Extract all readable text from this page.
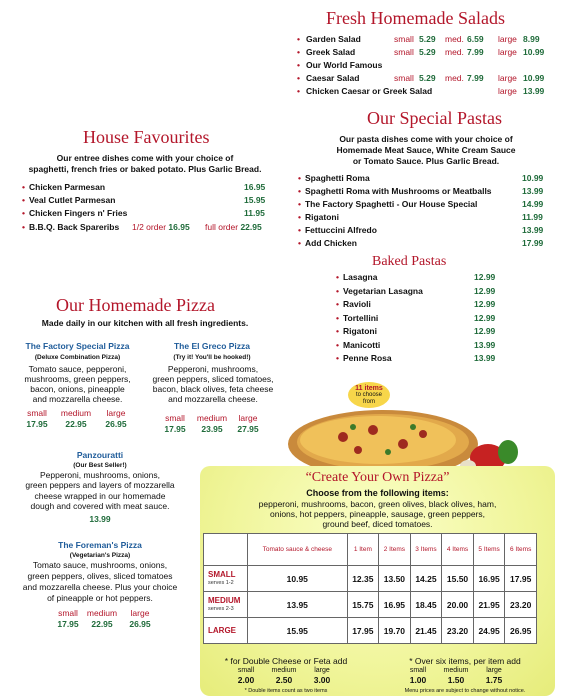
Fresh Homemade Salads
• Garden Salad	small 5.29 med. 6.59 large 8.99
• Greek Salad	small 5.29 med. 7.99 large 10.99
• Our World Famous
• Caesar Salad	small 5.29 med. 7.99 large 10.99
• Chicken Caesar or Greek Salad	large 13.99
Our Special Pastas
Our pasta dishes come with your choice of
Homemade Meat Sauce, White Cream Sauce
or Tomato Sauce. Plus Garlic Bread.
• Spaghetti Roma	10.99
• Spaghetti Roma with Mushrooms or Meatballs	13.99
• The Factory Spaghetti - Our House Special	14.99
• Rigatoni	11.99
• Fettuccini Alfredo	13.99
• Add Chicken	17.99
Baked Pastas
• Lasagna	12.99
• Vegetarian Lasagna	12.99
• Ravioli	12.99
• Tortellini	12.99
• Rigatoni	12.99
• Manicotti	13.99
• Penne Rosa	13.99
House Favourites
Our entree dishes come with your choice of
spaghetti, french fries or baked potato. Plus Garlic Bread.
• Chicken Parmesan	16.95
• Veal Cutlet Parmesan	15.95
• Chicken Fingers n' Fries	11.95
• B.B.Q. Back Spareribs 1/2 order 16.95 full order 22.95
Our Homemade Pizza
Made daily in our kitchen with all fresh ingredients.
The Factory Special Pizza
(Deluxe Combination Pizza)
Tomato sauce, pepperoni,
mushrooms, green peppers,
bacon, onions, pineapple
and mozzarella cheese.
small	medium	large
17.95	22.95	26.95
The El Greco Pizza
(Try it! You'll be hooked!)
Pepperoni, mushrooms,
green peppers, sliced tomatoes,
bacon, black olives, feta cheese
and mozzarella cheese.
small	medium	large
17.95	23.95	27.95
Panzouratti
(Our Best Seller!)
Pepperoni, mushrooms, onions,
green peppers and layers of mozzarella
cheese wrapped in our homemade
dough and covered with meat sauce.
13.99
The Foreman's Pizza
(Vegetarian's Pizza)
Tomato sauce, mushrooms, onions,
green peppers, olives, sliced tomatoes
and mozzarella cheese. Plus your choice
of pineapple or hot peppers.
small	medium	large
17.95	22.95	26.95
11 items
to choose
from
“Create Your Own Pizza”
Choose from the following items:
pepperoni, mushrooms, bacon, green olives, black olives, ham,
onions, hot peppers, pineapple, sausage, green peppers,
ground beef, diced tomatoes.
	Tomato sauce & cheese	1 Item	2 Items	3 Items	4 Items	5 Items	6 Items
SMALL
serves 1-2	10.95	12.35	13.50	14.25	15.50	16.95	17.95
MEDIUM
serves 2-3	13.95	15.75	16.95	18.45	20.00	21.95	23.20
LARGE	15.95	17.95	19.70	21.45	23.20	24.95	26.95
* for Double Cheese or Feta add
small
2.00
medium
2.50
large
3.00
* Double items count as two items
* Over six items, per item add
small
1.00
medium
1.50
large
1.75
Menu prices are subject to change without notice.
